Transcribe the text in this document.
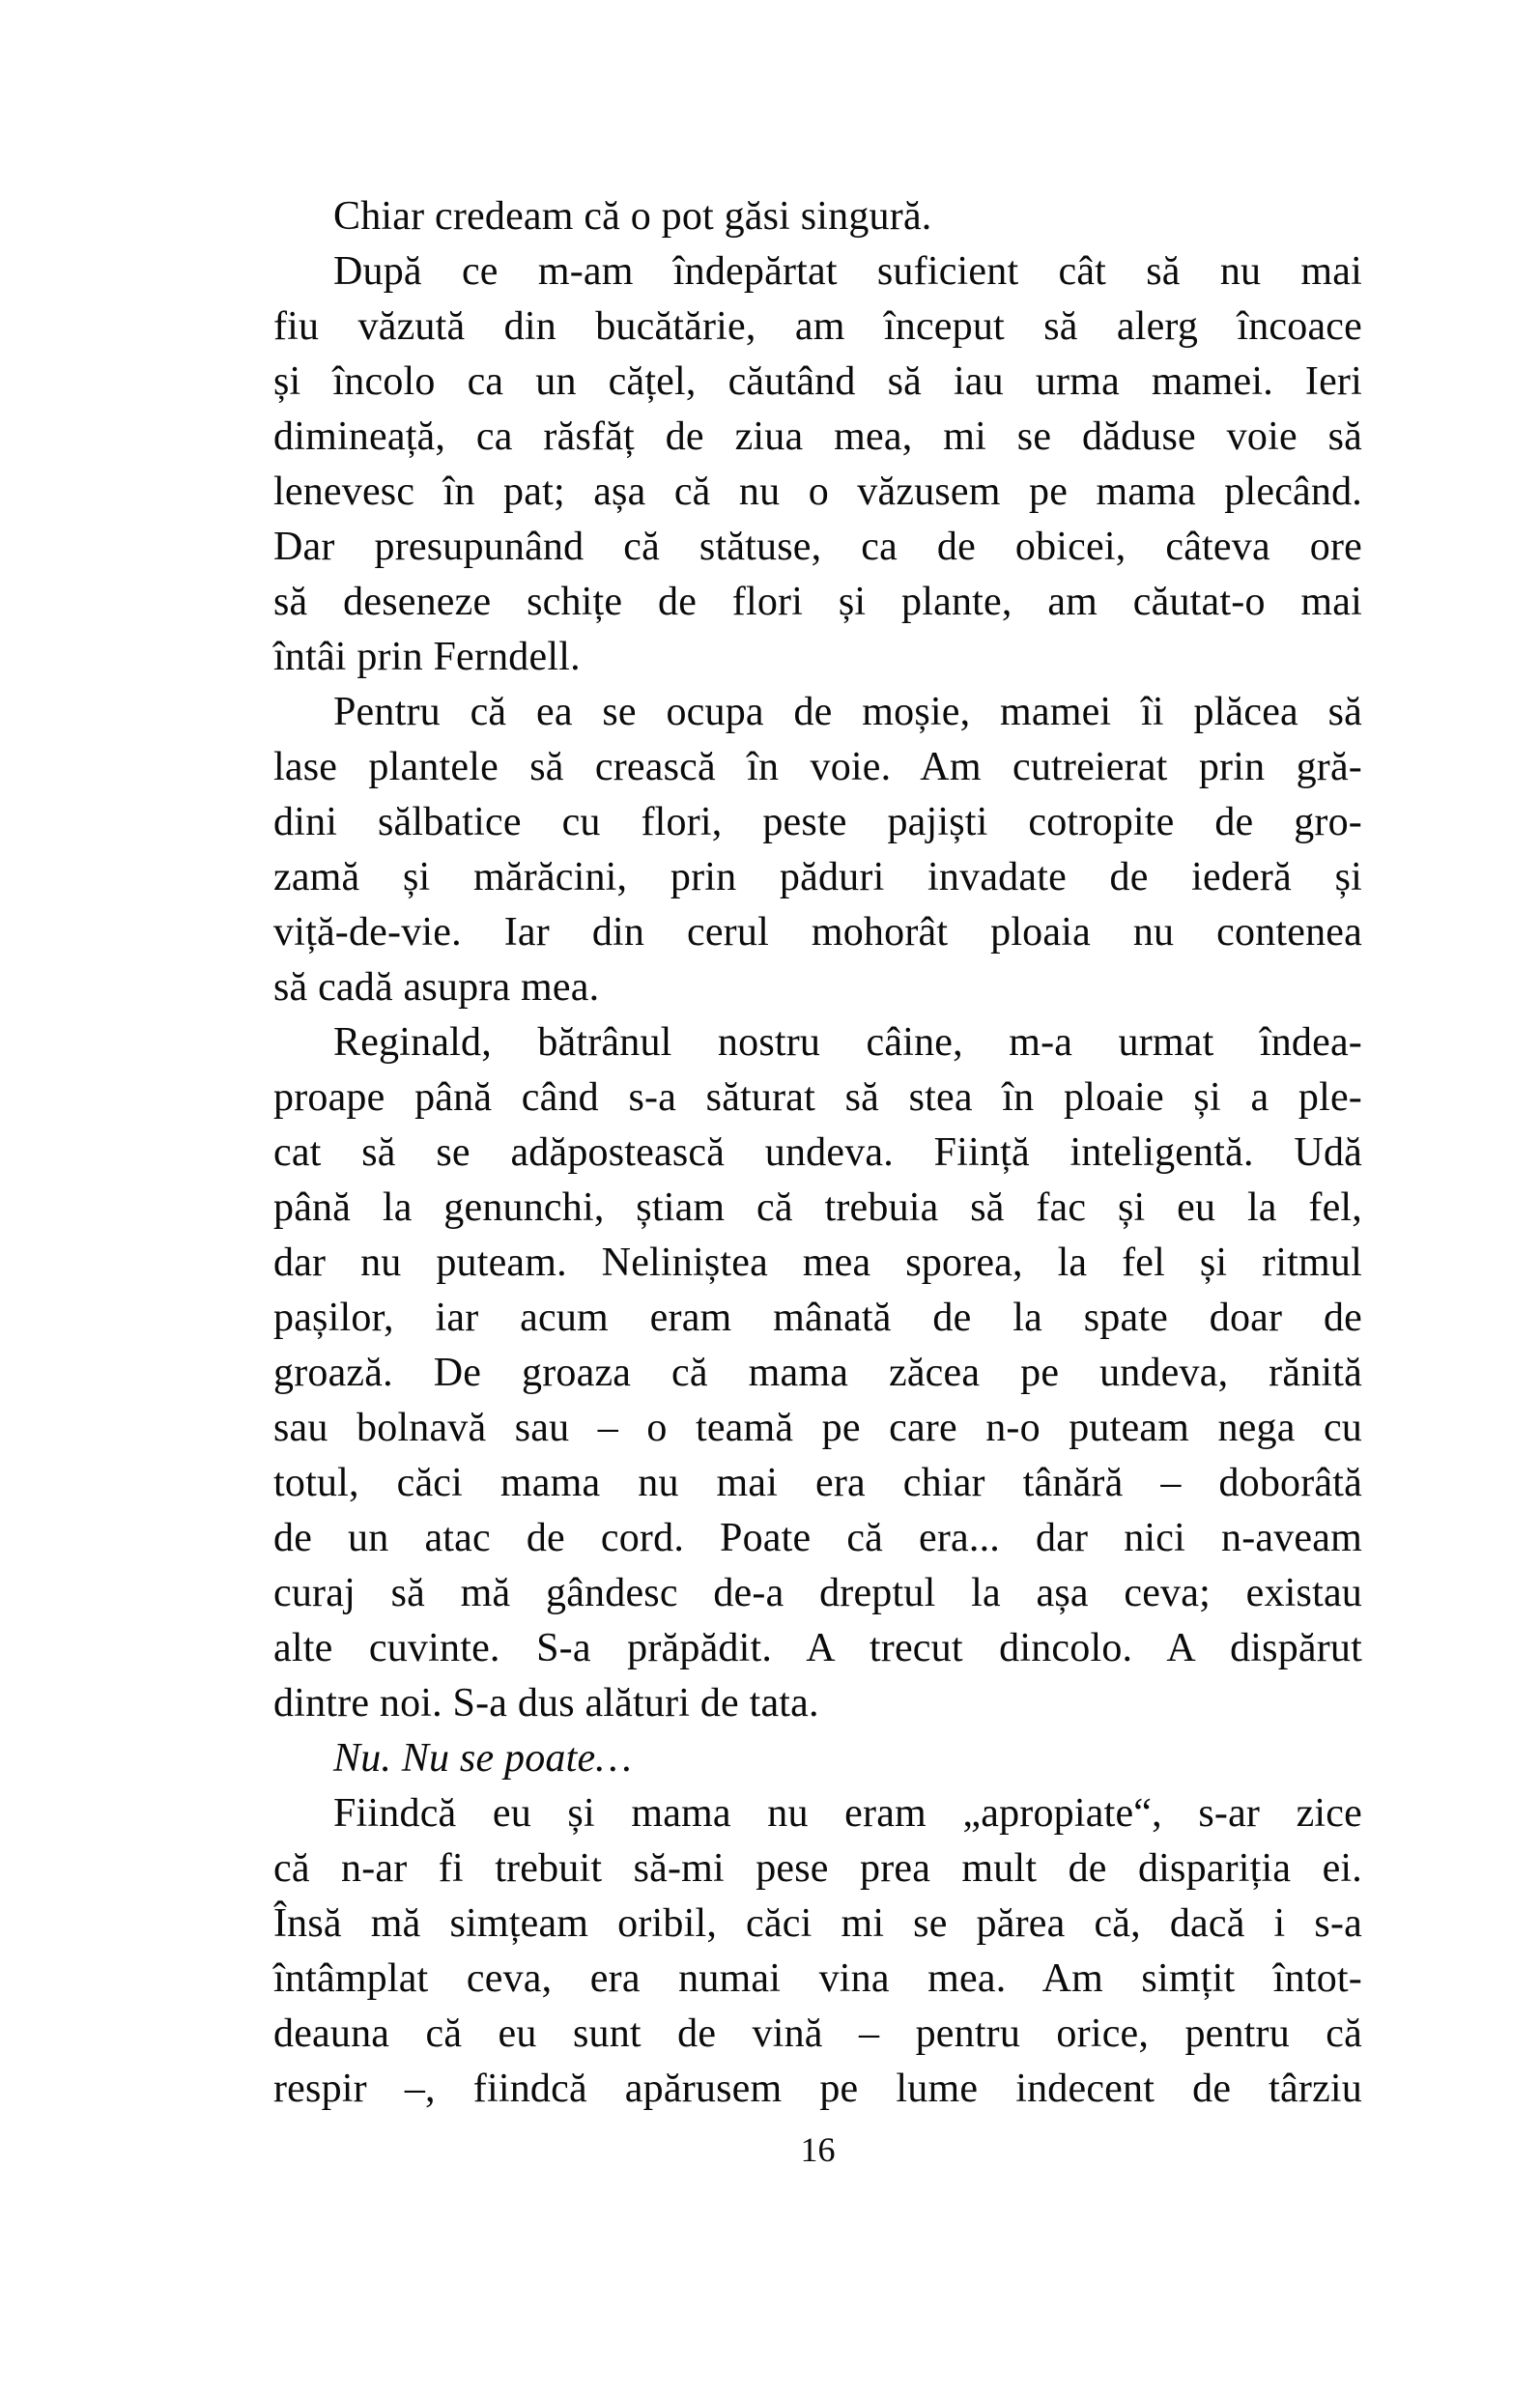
Chiar credeam că o pot găsi singură.
După ce m-am îndepărtat suficient cât să nu mai
fiu văzută din bucătărie, am început să alerg încoace
și încolo ca un cățel, căutând să iau urma mamei. Ieri
dimineață, ca răsfăț de ziua mea, mi se dăduse voie să
lenevesc în pat; așa că nu o văzusem pe mama plecând.
Dar presupunând că stătuse, ca de obicei, câteva ore
să deseneze schițe de flori și plante, am căutat-o mai
întâi prin Ferndell.
Pentru că ea se ocupa de moșie, mamei îi plăcea să
lase plantele să crească în voie. Am cutreierat prin gră-
dini sălbatice cu flori, peste pajiști cotropite de gro-
zamă și mărăcini, prin păduri invadate de iederă și
viță-de-vie. Iar din cerul mohorât ploaia nu contenea
să cadă asupra mea.
Reginald, bătrânul nostru câine, m-a urmat îndea-
proape până când s-a săturat să stea în ploaie și a ple-
cat să se adăpostească undeva. Ființă inteligentă. Udă
până la genunchi, știam că trebuia să fac și eu la fel,
dar nu puteam. Neliniștea mea sporea, la fel și ritmul
pașilor, iar acum eram mânată de la spate doar de
groază. De groaza că mama zăcea pe undeva, rănită
sau bolnavă sau – o teamă pe care n-o puteam nega cu
totul, căci mama nu mai era chiar tânără – doborâtă
de un atac de cord. Poate că era... dar nici n-aveam
curaj să mă gândesc de-a dreptul la așa ceva; existau
alte cuvinte. S-a prăpădit. A trecut dincolo. A dispărut
dintre noi. S-a dus alături de tata.
Nu. Nu se poate…
Fiindcă eu și mama nu eram „apropiate“, s-ar zice
că n-ar fi trebuit să-mi pese prea mult de dispariția ei.
Însă mă simțeam oribil, căci mi se părea că, dacă i s-a
întâmplat ceva, era numai vina mea. Am simțit întot-
deauna că eu sunt de vină – pentru orice, pentru că
respir –, fiindcă apărusem pe lume indecent de târziu
16
